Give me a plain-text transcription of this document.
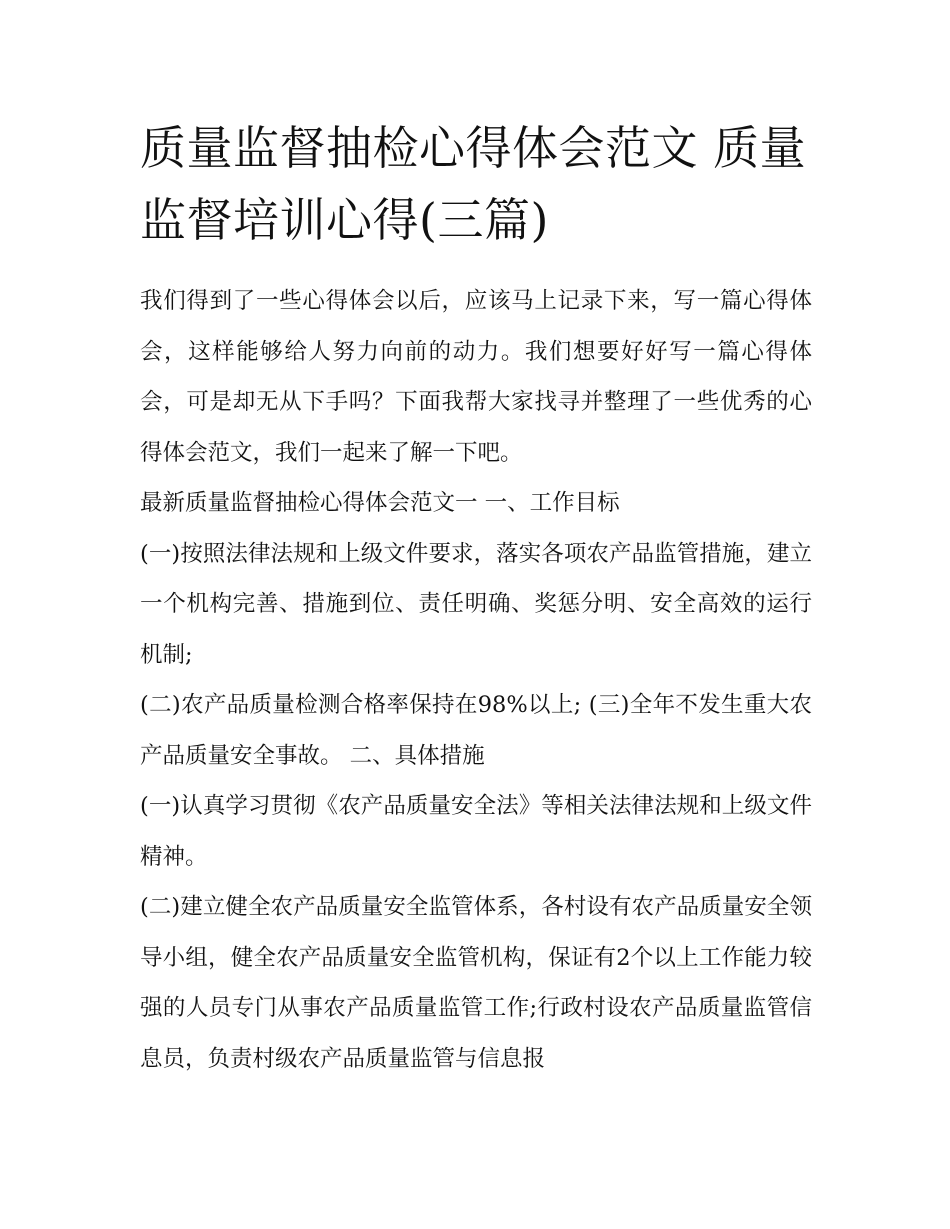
质量监督抽检心得体会范文 质量监督培训心得(三篇)

我们得到了一些心得体会以后，应该马上记录下来，写一篇心得体会，这样能够给人努力向前的动力。我们想要好好写一篇心得体会，可是却无从下手吗？下面我帮大家找寻并整理了一些优秀的心得体会范文，我们一起来了解一下吧。

最新质量监督抽检心得体会范文一 一、工作目标

(一)按照法律法规和上级文件要求，落实各项农产品监管措施，建立一个机构完善、措施到位、责任明确、奖惩分明、安全高效的运行机制;

(二)农产品质量检测合格率保持在98%以上; (三)全年不发生重大农产品质量安全事故。 二、具体措施

(一)认真学习贯彻《农产品质量安全法》等相关法律法规和上级文件精神。

(二)建立健全农产品质量安全监管体系，各村设有农产品质量安全领导小组，健全农产品质量安全监管机构，保证有2个以上工作能力较强的人员专门从事农产品质量监管工作;行政村设农产品质量监管信息员，负责村级农产品质量监管与信息报
